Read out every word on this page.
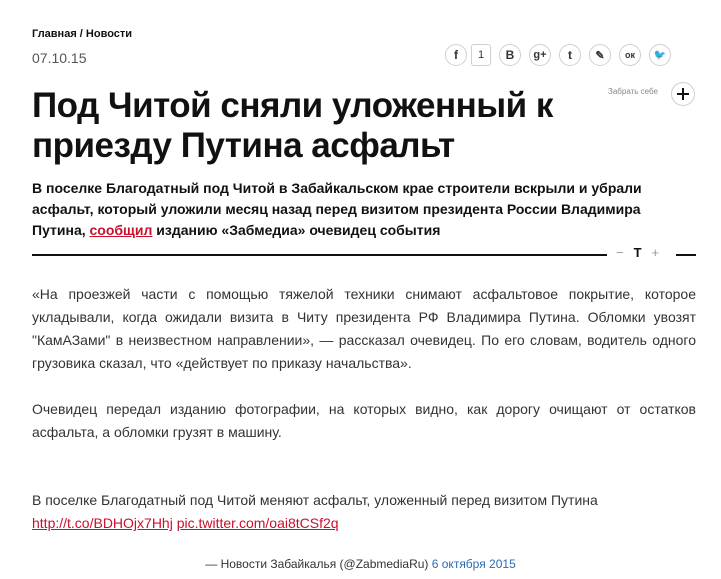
Главная / Новости
07.10.15	f	1	B g+ t ✎ ок 🐦
Забрать себе
Под Читой сняли уложенный к приезду Путина асфальт

В поселке Благодатный под Читой в Забайкальском крае строители вскрыли и убрали асфальт, который уложили месяц назад перед визитом президента России Владимира Путина, сообщил изданию «Забмедиа» очевидец события

− T +

«На проезжей части с помощью тяжелой техники снимают асфальтовое покрытие, которое укладывали, когда ожидали визита в Читу президента РФ Владимира Путина. Обломки увозят "КамАЗами" в неизвестном направлении», — рассказал очевидец. По его словам, водитель одного грузовика сказал, что «действует по приказу начальства».

Очевидец передал изданию фотографии, на которых видно, как дорогу очищают от остатков асфальта, а обломки грузят в машину.

В поселке Благодатный под Читой меняют асфальт, уложенный перед визитом Путина
http://t.co/BDHOjx7Hhj pic.twitter.com/oai8tCSf2q

— Новости Забайкалья (@ZabmediaRu) 6 октября 2015
